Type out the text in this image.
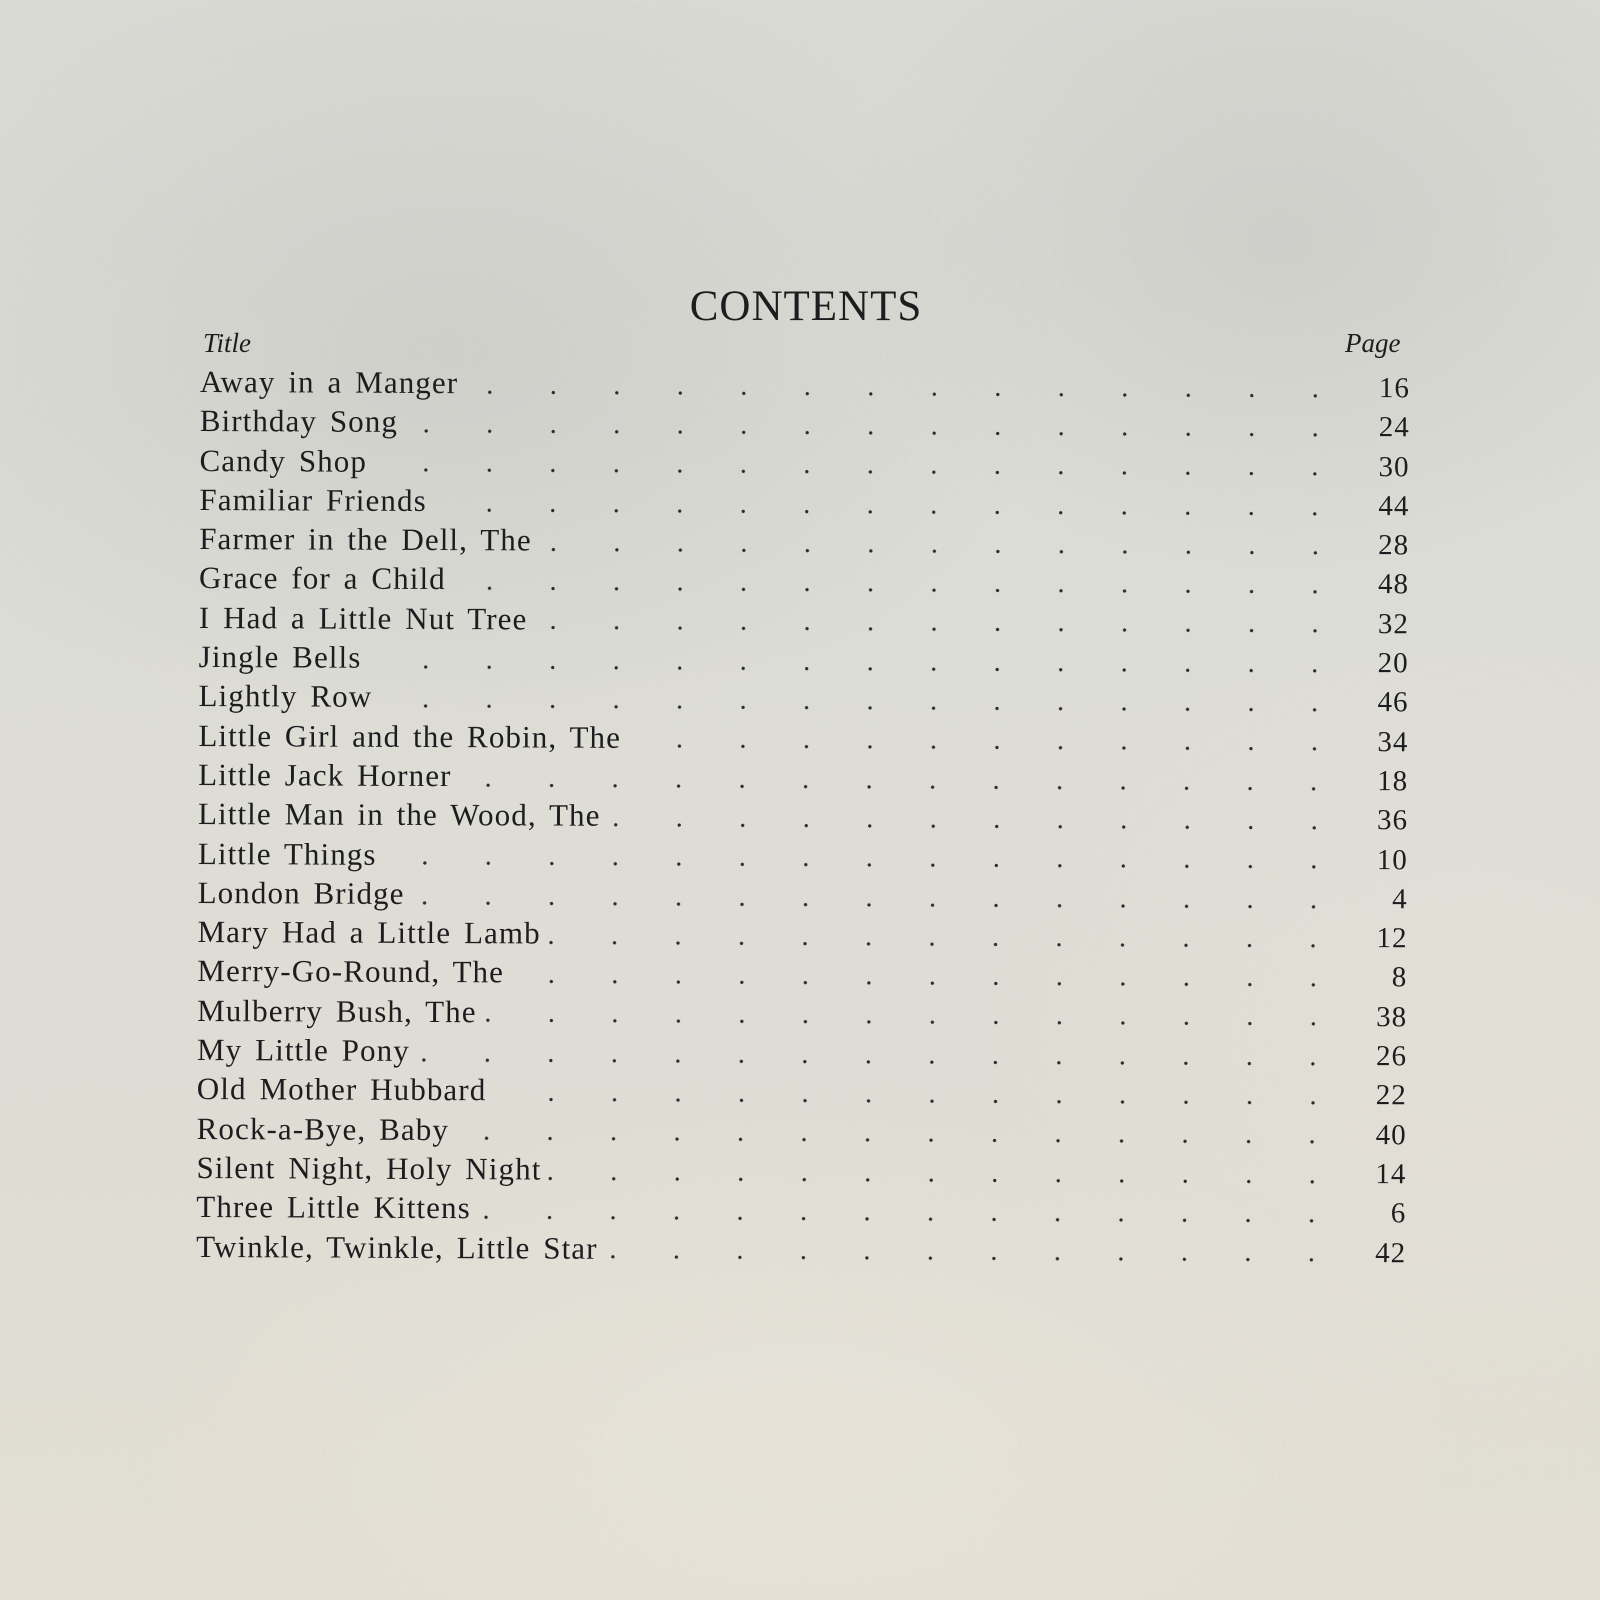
CONTENTS
Title	Page
Away in a Manger	16
Birthday Song	24
Candy Shop	30
Familiar Friends	44
Farmer in the Dell, The	28
Grace for a Child	48
I Had a Little Nut Tree	32
Jingle Bells	20
Lightly Row	46
Little Girl and the Robin, The	34
Little Jack Horner	18
Little Man in the Wood, The	36
Little Things	10
London Bridge	4
Mary Had a Little Lamb	12
Merry-Go-Round, The	8
Mulberry Bush, The	38
My Little Pony	26
Old Mother Hubbard	22
Rock-a-Bye, Baby	40
Silent Night, Holy Night	14
Three Little Kittens	6
Twinkle, Twinkle, Little Star	42
